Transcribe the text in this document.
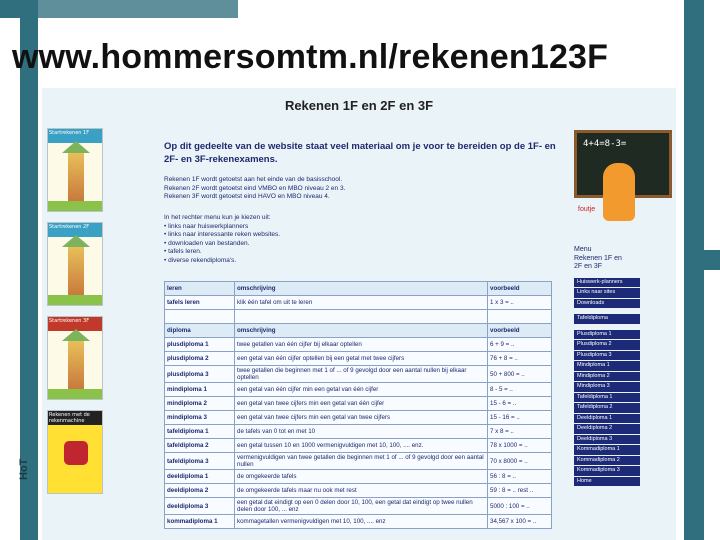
www.hommersomtm.nl/rekenen123F
HoT
Rekenen 1F en 2F en 3F
Startrekenen 1F
Startrekenen 2F
Startrekenen 3F
Rekenen met de rekenmachine
Op dit gedeelte van de website staat veel materiaal om je voor te bereiden op de 1F- en 2F- en 3F-rekenexamens.
Rekenen 1F wordt getoetst aan het einde van de basisschool.
Rekenen 2F wordt getoetst eind VMBO en MBO niveau 2 en 3.
Rekenen 3F wordt getoetst eind HAVO en MBO niveau 4.
In het rechter menu kun je kiezen uit:
• links naar huiswerkplanners
• links naar interessante reken websites.
• downloaden van bestanden.
• tafels leren.
• diverse rekendiploma's.
4+4=8-3=
foutje
Menu
Rekenen 1F en
2F en 3F
Huiswerk-planners
Links naar sites
Downloads
Tafeldiploma
Plusdiploma 1
Plusdiploma 2
Plusdiploma 3
Mindiploma 1
Mindiploma 2
Mindiploma 3
Tafeldiploma 1
Tafeldiploma 2
Deeldiploma 1
Deeldiploma 2
Deeldiploma 3
Kommadiploma 1
Kommadiploma 2
Kommadiploma 3
Home
leren	omschrijving	voorbeeld
tafels leren	klik één tafel om uit te leren	1 x 3 = ..

diploma	omschrijving	voorbeeld
plusdiploma 1	twee getallen van één cijfer bij elkaar optellen	6 + 9 = ..
plusdiploma 2	een getal van één cijfer optellen bij een getal met twee cijfers	76 + 8 = ..
plusdiploma 3	twee getallen die beginnen met 1 of ... of 9 gevolgd door een aantal nullen bij elkaar optellen	50 + 800 = ..
mindiploma 1	een getal van één cijfer min een getal van één cijfer	8 - 5 = ..
mindiploma 2	een getal van twee cijfers min een getal van één cijfer	15 - 6 = ..
mindiploma 3	een getal van twee cijfers min een getal van twee cijfers	15 - 16 = ..
tafeldiploma 1	de tafels van 0 tot en met 10	7 x 8 = ..
tafeldiploma 2	een getal tussen 10 en 1000 vermenigvuldigen met 10, 100, .... enz.	78 x 1000 = ..
tafeldiploma 3	vermenigvuldigen van twee getallen die beginnen met 1 of ... of 9 gevolgd door een aantal nullen	70 x 8000 = ..
deeldiploma 1	de omgekeerde tafels	56 : 8 = ..
deeldiploma 2	de omgekeerde tafels maar nu ook met rest	59 : 8 = .. rest ..
deeldiploma 3	een getal dat eindigt op een 0 delen door 10, 100, een getal dat eindigt op twee nullen delen door 100, ... enz	5000 : 100 = ..
kommadiploma 1	kommagetallen vermenigvuldigen met 10, 100, .... enz	34,567 x 100 = ..
